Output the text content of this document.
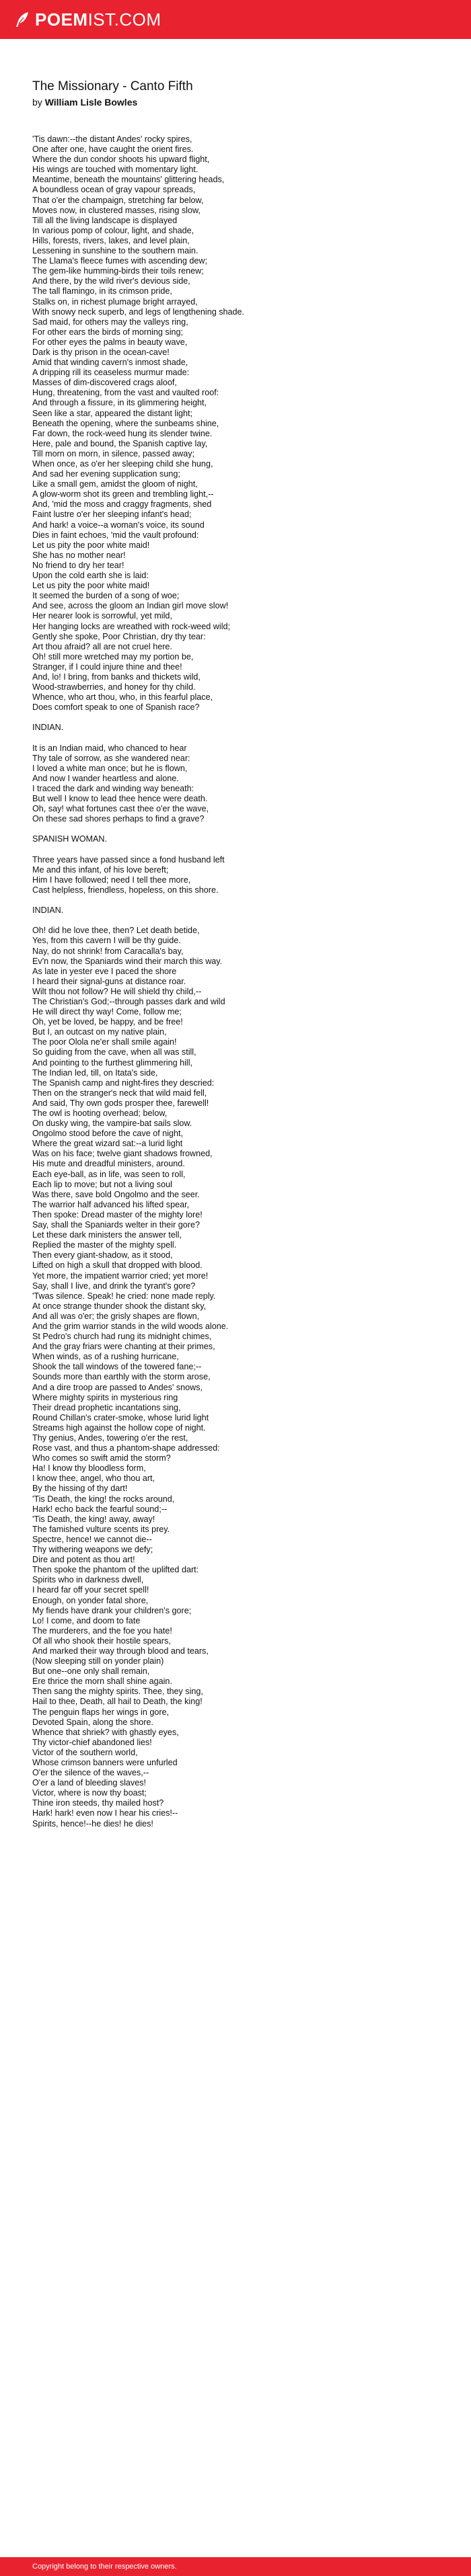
POEMIST.COM
The Missionary - Canto Fifth
by William Lisle Bowles
'Tis dawn:--the distant Andes' rocky spires,
One after one, have caught the orient fires.
Where the dun condor shoots his upward flight,
His wings are touched with momentary light.
Meantime, beneath the mountains' glittering heads,
A boundless ocean of gray vapour spreads,
That o'er the champaign, stretching far below,
Moves now, in clustered masses, rising slow,
Till all the living landscape is displayed
In various pomp of colour, light, and shade,
Hills, forests, rivers, lakes, and level plain,
Lessening in sunshine to the southern main.
The Llama's fleece fumes with ascending dew;
The gem-like humming-birds their toils renew;
And there, by the wild river's devious side,
The tall flamingo, in its crimson pride,
Stalks on, in richest plumage bright arrayed,
With snowy neck superb, and legs of lengthening shade.
Sad maid, for others may the valleys ring,
For other ears the birds of morning sing;
For other eyes the palms in beauty wave,
Dark is thy prison in the ocean-cave!
Amid that winding cavern's inmost shade,
A dripping rill its ceaseless murmur made:
Masses of dim-discovered crags aloof,
Hung, threatening, from the vast and vaulted roof:
And through a fissure, in its glimmering height,
Seen like a star, appeared the distant light;
Beneath the opening, where the sunbeams shine,
Far down, the rock-weed hung its slender twine.
Here, pale and bound, the Spanish captive lay,
Till morn on morn, in silence, passed away;
When once, as o'er her sleeping child she hung,
And sad her evening supplication sung;
Like a small gem, amidst the gloom of night,
A glow-worm shot its green and trembling light,--
And, 'mid the moss and craggy fragments, shed
Faint lustre o'er her sleeping infant's head;
And hark! a voice--a woman's voice, its sound
Dies in faint echoes, 'mid the vault profound:
Let us pity the poor white maid!
She has no mother near!
No friend to dry her tear!
Upon the cold earth she is laid:
Let us pity the poor white maid!
It seemed the burden of a song of woe;
And see, across the gloom an Indian girl move slow!
Her nearer look is sorrowful, yet mild,
Her hanging locks are wreathed with rock-weed wild;
Gently she spoke, Poor Christian, dry thy tear:
Art thou afraid? all are not cruel here.
Oh! still more wretched may my portion be,
Stranger, if I could injure thine and thee!
And, lo! I bring, from banks and thickets wild,
Wood-strawberries, and honey for thy child.
Whence, who art thou, who, in this fearful place,
Does comfort speak to one of Spanish race?
INDIAN.
It is an Indian maid, who chanced to hear
Thy tale of sorrow, as she wandered near:
I loved a white man once; but he is flown,
And now I wander heartless and alone.
I traced the dark and winding way beneath:
But well I know to lead thee hence were death.
Oh, say! what fortunes cast thee o'er the wave,
On these sad shores perhaps to find a grave?
SPANISH WOMAN.
Three years have passed since a fond husband left
Me and this infant, of his love bereft;
Him I have followed; need I tell thee more,
Cast helpless, friendless, hopeless, on this shore.
INDIAN.
Oh! did he love thee, then? Let death betide,
Yes, from this cavern I will be thy guide.
Nay, do not shrink! from Caracalla's bay,
Ev'n now, the Spaniards wind their march this way.
As late in yester eve I paced the shore
I heard their signal-guns at distance roar.
Wilt thou not follow? He will shield thy child,--
The Christian's God;--through passes dark and wild
He will direct thy way! Come, follow me;
Oh, yet be loved, be happy, and be free!
But I, an outcast on my native plain,
The poor Olola ne'er shall smile again!
So guiding from the cave, when all was still,
And pointing to the furthest glimmering hill,
The Indian led, till, on Itata's side,
The Spanish camp and night-fires they descried:
Then on the stranger's neck that wild maid fell,
And said, Thy own gods prosper thee, farewell!
The owl is hooting overhead; below,
On dusky wing, the vampire-bat sails slow.
Ongolmo stood before the cave of night,
Where the great wizard sat:--a lurid light
Was on his face; twelve giant shadows frowned,
His mute and dreadful ministers, around.
Each eye-ball, as in life, was seen to roll,
Each lip to move; but not a living soul
Was there, save bold Ongolmo and the seer.
The warrior half advanced his lifted spear,
Then spoke: Dread master of the mighty lore!
Say, shall the Spaniards welter in their gore?
Let these dark ministers the answer tell,
Replied the master of the mighty spell.
Then every giant-shadow, as it stood,
Lifted on high a skull that dropped with blood.
Yet more, the impatient warrior cried; yet more!
Say, shall I live, and drink the tyrant's gore?
'Twas silence. Speak! he cried: none made reply.
At once strange thunder shook the distant sky,
And all was o'er; the grisly shapes are flown,
And the grim warrior stands in the wild woods alone.
St Pedro's church had rung its midnight chimes,
And the gray friars were chanting at their primes,
When winds, as of a rushing hurricane,
Shook the tall windows of the towered fane;--
Sounds more than earthly with the storm arose,
And a dire troop are passed to Andes' snows,
Where mighty spirits in mysterious ring
Their dread prophetic incantations sing,
Round Chillan's crater-smoke, whose lurid light
Streams high against the hollow cope of night.
Thy genius, Andes, towering o'er the rest,
Rose vast, and thus a phantom-shape addressed:
Who comes so swift amid the storm?
Ha! I know thy bloodless form,
I know thee, angel, who thou art,
By the hissing of thy dart!
'Tis Death, the king! the rocks around,
Hark! echo back the fearful sound;--
'Tis Death, the king! away, away!
The famished vulture scents its prey.
Spectre, hence! we cannot die--
Thy withering weapons we defy;
Dire and potent as thou art!
Then spoke the phantom of the uplifted dart:
Spirits who in darkness dwell,
I heard far off your secret spell!
Enough, on yonder fatal shore,
My fiends have drank your children's gore;
Lo! I come, and doom to fate
The murderers, and the foe you hate!
Of all who shook their hostile spears,
And marked their way through blood and tears,
(Now sleeping still on yonder plain)
But one--one only shall remain,
Ere thrice the morn shall shine again.
Then sang the mighty spirits. Thee, they sing,
Hail to thee, Death, all hail to Death, the king!
The penguin flaps her wings in gore,
Devoted Spain, along the shore.
Whence that shriek? with ghastly eyes,
Thy victor-chief abandoned lies!
Victor of the southern world,
Whose crimson banners were unfurled
O'er the silence of the waves,--
O'er a land of bleeding slaves!
Victor, where is now thy boast;
Thine iron steeds, thy mailed host?
Hark! hark! even now I hear his cries!--
Spirits, hence!--he dies! he dies!
Copyright belong to their respective owners.
